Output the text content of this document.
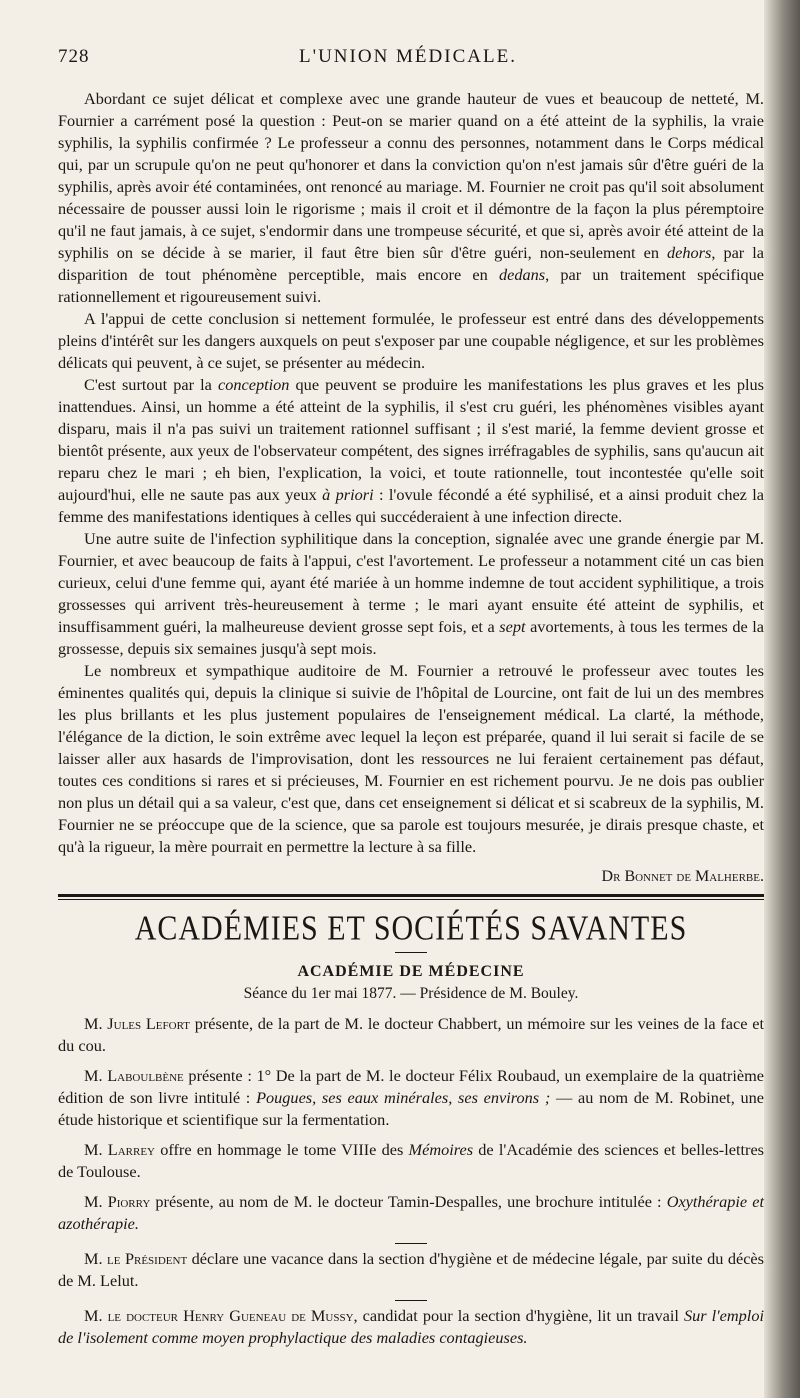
728	L'UNION MÉDICALE.

Abordant ce sujet délicat et complexe avec une grande hauteur de vues et beaucoup de netteté, M. Fournier a carrément posé la question : Peut-on se marier quand on a été atteint de la syphilis, la vraie syphilis, la syphilis confirmée ? Le professeur a connu des personnes, notamment dans le Corps médical qui, par un scrupule qu'on ne peut qu'honorer et dans la conviction qu'on n'est jamais sûr d'être guéri de la syphilis, après avoir été contaminées, ont renoncé au mariage. M. Fournier ne croit pas qu'il soit absolument nécessaire de pousser aussi loin le rigorisme ; mais il croit et il démontre de la façon la plus péremptoire qu'il ne faut jamais, à ce sujet, s'endormir dans une trompeuse sécurité, et que si, après avoir été atteint de la syphilis on se décide à se marier, il faut être bien sûr d'être guéri, non-seulement en dehors, par la disparition de tout phénomène perceptible, mais encore en dedans, par un traitement spécifique rationnellement et rigoureusement suivi.

A l'appui de cette conclusion si nettement formulée, le professeur est entré dans des développements pleins d'intérêt sur les dangers auxquels on peut s'exposer par une coupable négligence, et sur les problèmes délicats qui peuvent, à ce sujet, se présenter au médecin.

C'est surtout par la conception que peuvent se produire les manifestations les plus graves et les plus inattendues. Ainsi, un homme a été atteint de la syphilis, il s'est cru guéri, les phénomènes visibles ayant disparu, mais il n'a pas suivi un traitement rationnel suffisant ; il s'est marié, la femme devient grosse et bientôt présente, aux yeux de l'observateur compétent, des signes irréfragables de syphilis, sans qu'aucun ait reparu chez le mari ; eh bien, l'explication, la voici, et toute rationnelle, tout incontestée qu'elle soit aujourd'hui, elle ne saute pas aux yeux à priori : l'ovule fécondé a été syphilisé, et a ainsi produit chez la femme des manifestations identiques à celles qui succéderaient à une infection directe.

Une autre suite de l'infection syphilitique dans la conception, signalée avec une grande énergie par M. Fournier, et avec beaucoup de faits à l'appui, c'est l'avortement. Le professeur a notamment cité un cas bien curieux, celui d'une femme qui, ayant été mariée à un homme indemne de tout accident syphilitique, a trois grossesses qui arrivent très-heureusement à terme ; le mari ayant ensuite été atteint de syphilis, et insuffisamment guéri, la malheureuse devient grosse sept fois, et a sept avortements, à tous les termes de la grossesse, depuis six semaines jusqu'à sept mois.

Le nombreux et sympathique auditoire de M. Fournier a retrouvé le professeur avec toutes les éminentes qualités qui, depuis la clinique si suivie de l'hôpital de Lourcine, ont fait de lui un des membres les plus brillants et les plus justement populaires de l'enseignement médical. La clarté, la méthode, l'élégance de la diction, le soin extrême avec lequel la leçon est préparée, quand il lui serait si facile de se laisser aller aux hasards de l'improvisation, dont les ressources ne lui feraient certainement pas défaut, toutes ces conditions si rares et si précieuses, M. Fournier en est richement pourvu. Je ne dois pas oublier non plus un détail qui a sa valeur, c'est que, dans cet enseignement si délicat et si scabreux de la syphilis, M. Fournier ne se préoccupe que de la science, que sa parole est toujours mesurée, je dirais presque chaste, et qu'à la rigueur, la mère pourrait en permettre la lecture à sa fille.

Dr Bonnet de Malherbe.
ACADÉMIES ET SOCIÉTÉS SAVANTES
ACADÉMIE DE MÉDECINE
Séance du 1er mai 1877. — Présidence de M. Bouley.

M. Jules Lefort présente, de la part de M. le docteur Chabbert, un mémoire sur les veines de la face et du cou.

M. Laboulbène présente : 1° De la part de M. le docteur Félix Roubaud, un exemplaire de la quatrième édition de son livre intitulé : Pougues, ses eaux minérales, ses environs ; — au nom de M. Robinet, une étude historique et scientifique sur la fermentation.

M. Larrey offre en hommage le tome VIIIe des Mémoires de l'Académie des sciences et belles-lettres de Toulouse.

M. Piorry présente, au nom de M. le docteur Tamin-Despalles, une brochure intitulée : Oxythérapie et azothérapie.

M. le Président déclare une vacance dans la section d'hygiène et de médecine légale, par suite du décès de M. Lelut.

M. le docteur Henry Gueneau de Mussy, candidat pour la section d'hygiène, lit un travail Sur l'emploi de l'isolement comme moyen prophylactique des maladies contagieuses.
